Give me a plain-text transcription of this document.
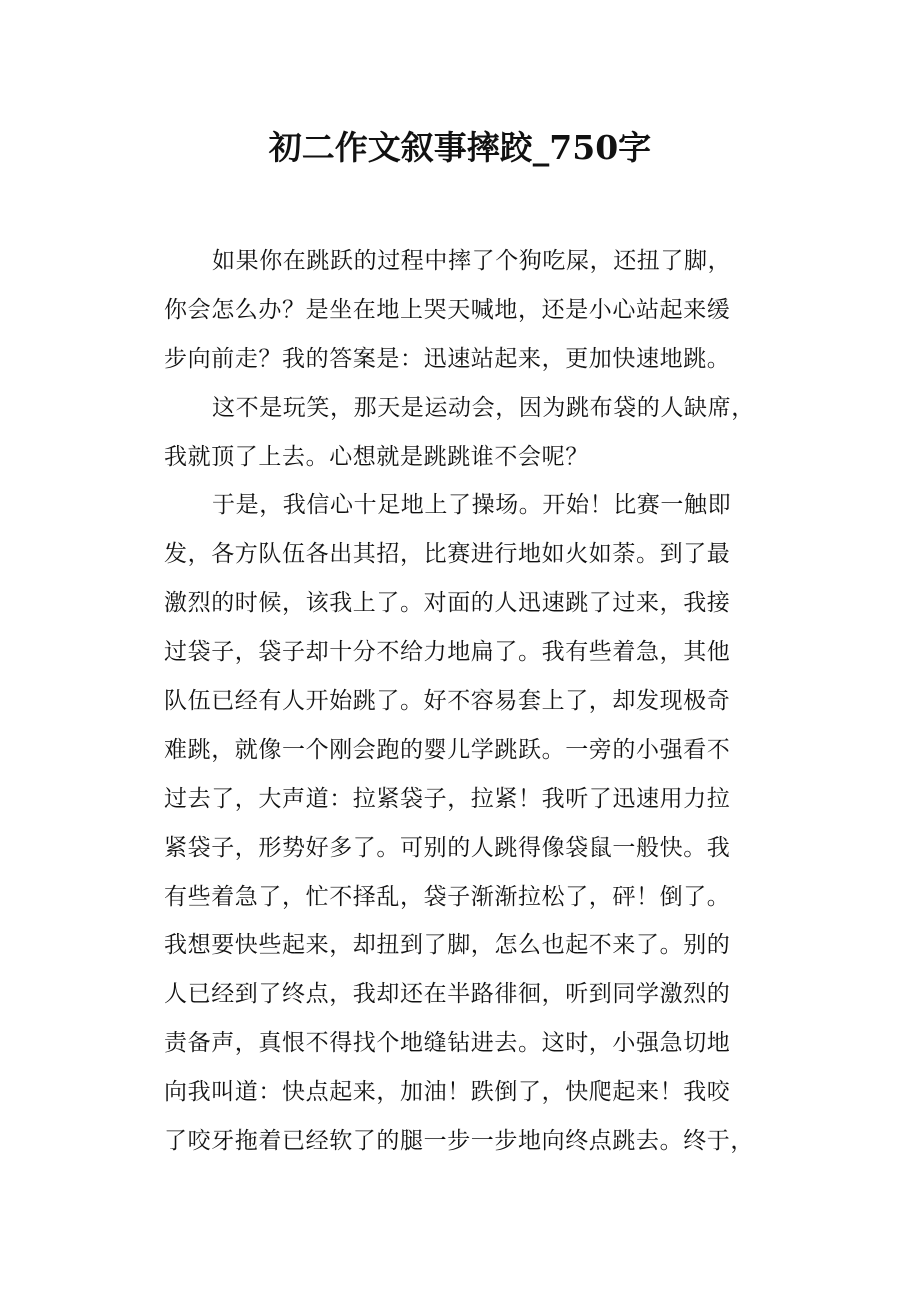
初二作文叙事摔跤_750字

如果你在跳跃的过程中摔了个狗吃屎，还扭了脚，
你会怎么办？是坐在地上哭天喊地，还是小心站起来缓
步向前走？我的答案是：迅速站起来，更加快速地跳。

这不是玩笑，那天是运动会，因为跳布袋的人缺席，
我就顶了上去。心想就是跳跳谁不会呢？

于是，我信心十足地上了操场。开始！比赛一触即
发，各方队伍各出其招，比赛进行地如火如荼。到了最
激烈的时候，该我上了。对面的人迅速跳了过来，我接
过袋子，袋子却十分不给力地扁了。我有些着急，其他
队伍已经有人开始跳了。好不容易套上了，却发现极奇
难跳，就像一个刚会跑的婴儿学跳跃。一旁的小强看不
过去了，大声道：拉紧袋子，拉紧！我听了迅速用力拉
紧袋子，形势好多了。可别的人跳得像袋鼠一般快。我
有些着急了，忙不择乱，袋子渐渐拉松了，砰！倒了。
我想要快些起来，却扭到了脚，怎么也起不来了。别的
人已经到了终点，我却还在半路徘徊，听到同学激烈的
责备声，真恨不得找个地缝钻进去。这时，小强急切地
向我叫道：快点起来，加油！跌倒了，快爬起来！我咬
了咬牙拖着已经软了的腿一步一步地向终点跳去。终于，
